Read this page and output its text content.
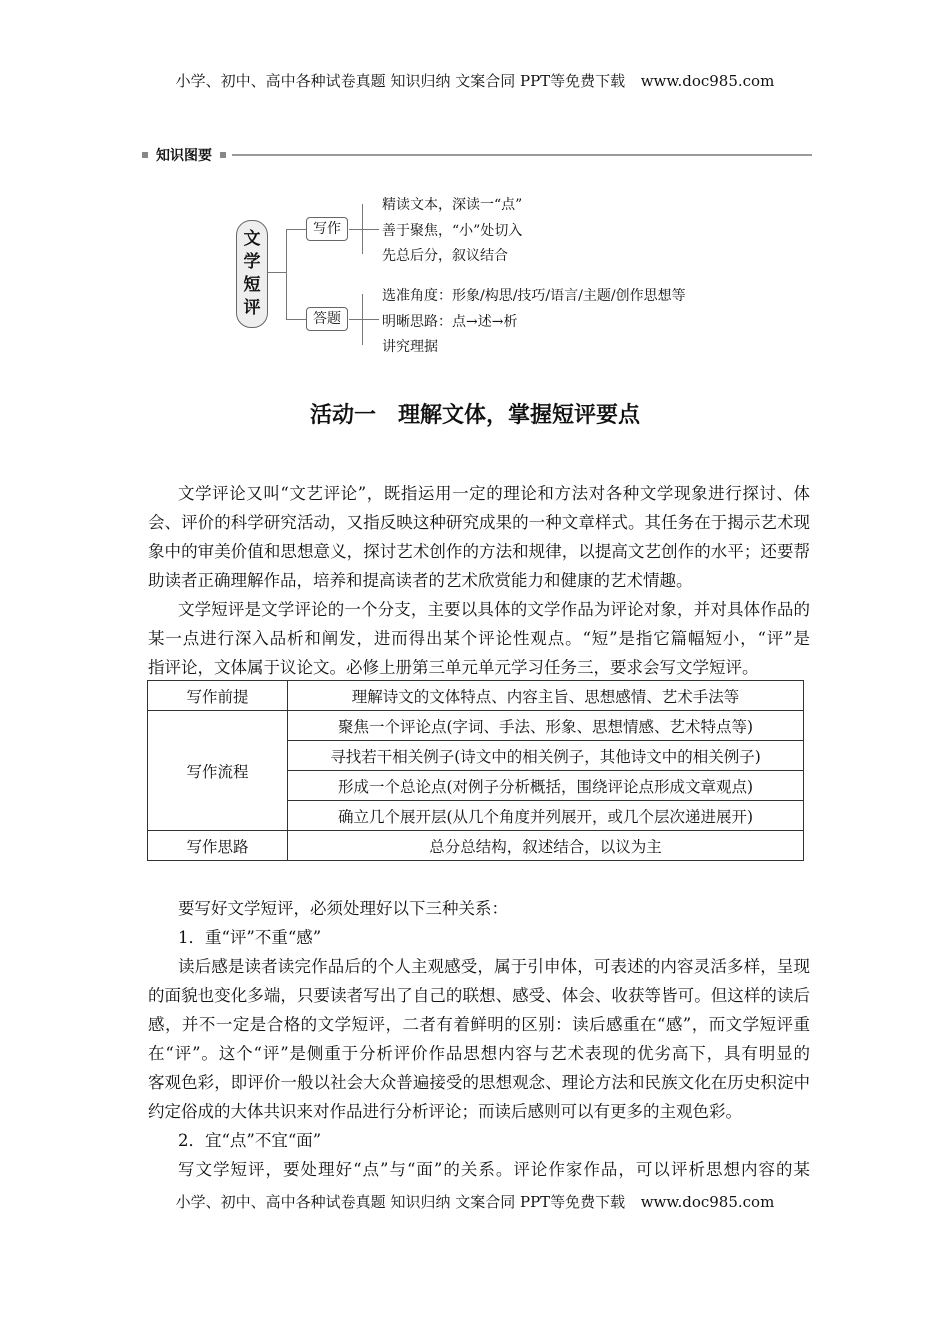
小学、初中、高中各种试卷真题 知识归纳 文案合同 PPT等免费下载 www.doc985.com
知识图要
文
学
短
评
写作
答题
精读文本，深读一“点”
善于聚焦，“小”处切入
先总后分，叙议结合
选准角度：形象/构思/技巧/语言/主题/创作思想等
明晰思路：点→述→析
讲究理据
活动一　理解文体，掌握短评要点
文学评论又叫“文艺评论”，既指运用一定的理论和方法对各种文学现象进行探讨、体
会、评价的科学研究活动，又指反映这种研究成果的一种文章样式。其任务在于揭示艺术现
象中的审美价值和思想意义，探讨艺术创作的方法和规律，以提高文艺创作的水平；还要帮
助读者正确理解作品，培养和提高读者的艺术欣赏能力和健康的艺术情趣。
文学短评是文学评论的一个分支，主要以具体的文学作品为评论对象，并对具体作品的
某一点进行深入品析和阐发，进而得出某个评论性观点。“短”是指它篇幅短小，“评”是
指评论，文体属于议论文。必修上册第三单元单元学习任务三，要求会写文学短评。
写作前提	理解诗文的文体特点、内容主旨、思想感情、艺术手法等
写作流程	聚焦一个评论点(字词、手法、形象、思想情感、艺术特点等)
	寻找若干相关例子(诗文中的相关例子，其他诗文中的相关例子)
	形成一个总论点(对例子分析概括，围绕评论点形成文章观点)
	确立几个展开层(从几个角度并列展开，或几个层次递进展开)
写作思路	总分总结构，叙述结合，以议为主
要写好文学短评，必须处理好以下三种关系：
1．重“评”不重“感”
读后感是读者读完作品后的个人主观感受，属于引申体，可表述的内容灵活多样，呈现
的面貌也变化多端，只要读者写出了自己的联想、感受、体会、收获等皆可。但这样的读后
感，并不一定是合格的文学短评，二者有着鲜明的区别：读后感重在“感”，而文学短评重
在“评”。这个“评”是侧重于分析评价作品思想内容与艺术表现的优劣高下，具有明显的
客观色彩，即评价一般以社会大众普遍接受的思想观念、理论方法和民族文化在历史积淀中
约定俗成的大体共识来对作品进行分析评论；而读后感则可以有更多的主观色彩。
2．宜“点”不宜“面”
写文学短评，要处理好“点”与“面”的关系。评论作家作品，可以评析思想内容的某
小学、初中、高中各种试卷真题 知识归纳 文案合同 PPT等免费下载 www.doc985.com
